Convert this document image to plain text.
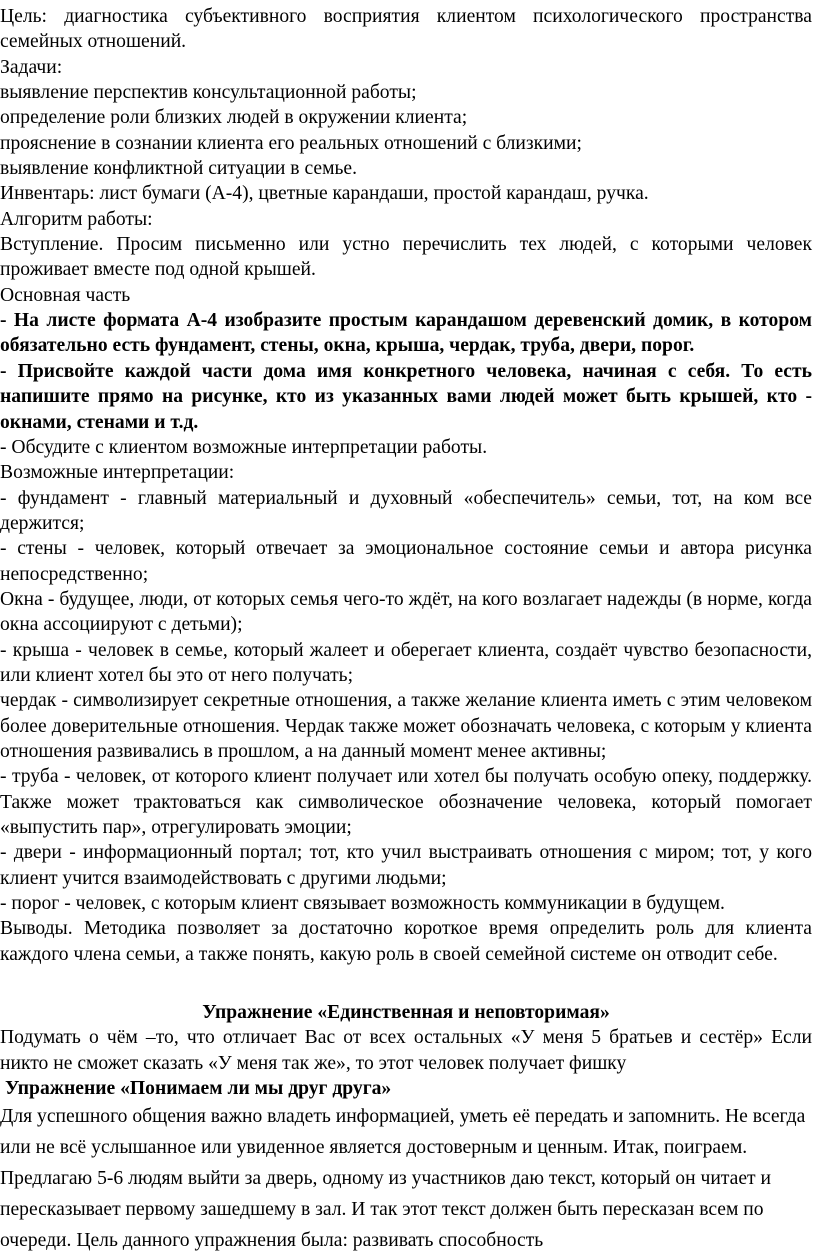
Цель: диагностика субъективного восприятия клиентом психологического пространства семейных отношений.

Задачи:

выявление перспектив консультационной работы;

определение роли близких людей в окружении клиента;

прояснение в сознании клиента его реальных отношений с близкими;

выявление конфликтной ситуации в семье.

Инвентарь: лист бумаги (А-4), цветные карандаши, простой карандаш, ручка.

Алгоритм работы:

Вступление. Просим письменно или устно перечислить тех людей, с которыми человек проживает вместе под одной крышей.

Основная часть

- На листе формата А-4 изобразите простым карандашом деревенский домик, в котором обязательно есть фундамент, стены, окна, крыша, чердак, труба, двери, порог.

- Присвойте каждой части дома имя конкретного человека, начиная с себя. То есть напишите прямо на рисунке, кто из указанных вами людей может быть крышей, кто - окнами, стенами и т.д.

- Обсудите с клиентом возможные интерпретации работы.

Возможные интерпретации:

- фундамент - главный материальный и духовный «обеспечитель» семьи, тот, на ком все держится;

- стены - человек, который отвечает за эмоциональное состояние семьи и автора рисунка непосредственно;

Окна - будущее, люди, от которых семья чего-то ждёт, на кого возлагает надежды (в норме, когда окна ассоциируют с детьми);

- крыша - человек в семье, который жалеет и оберегает клиента, создаёт чувство безопасности, или клиент хотел бы это от него получать;

чердак - символизирует секретные отношения, а также желание клиента иметь с этим человеком более доверительные отношения. Чердак также может обозначать человека, с которым у клиента отношения развивались в прошлом, а на данный момент менее активны;

- труба - человек, от которого клиент получает или хотел бы получать особую опеку, поддержку. Также может трактоваться как символическое обозначение человека, который помогает «выпустить пар», отрегулировать эмоции;

- двери - информационный портал; тот, кто учил выстраивать отношения с миром; тот, у кого клиент учится взаимодействовать с другими людьми;

- порог - человек, с которым клиент связывает возможность коммуникации в будущем.

Выводы. Методика позволяет за достаточно короткое время определить роль для клиента каждого члена семьи, а также понять, какую роль в своей семейной системе он отводит себе.

Упражнение «Единственная и неповторимая»

Подумать о чём –то, что отличает Вас от всех остальных «У меня 5 братьев и сестёр» Если никто не сможет сказать «У меня так же», то этот человек получает фишку

Упражнение «Понимаем ли мы друг друга»

Для успешного общения важно владеть информацией, уметь её передать и запомнить. Не всегда или не всё услышанное или увиденное является достоверным и ценным. Итак, поиграем. Предлагаю 5-6 людям выйти за дверь, одному из участников даю текст, который он читает и пересказывает первому зашедшему в зал. И так этот текст должен быть пересказан всем по очереди. Цель данного упражнения была: развивать способность
